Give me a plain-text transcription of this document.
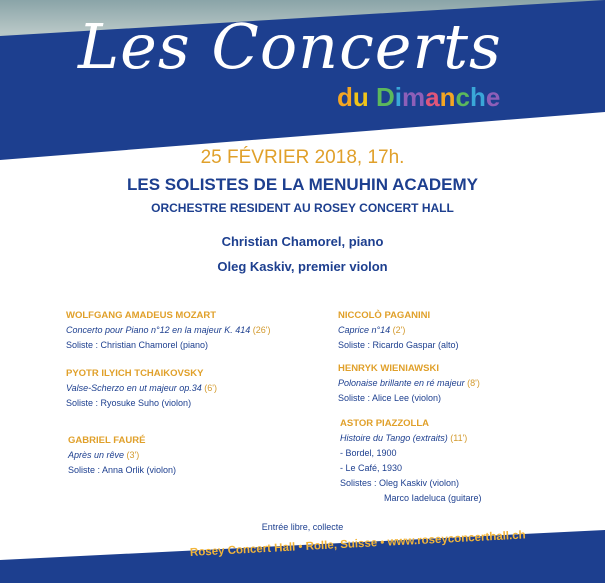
Les Concerts
du Dimanche
25 FÉVRIER 2018, 17h.
LES SOLISTES DE LA MENUHIN ACADEMY
ORCHESTRE RESIDENT AU ROSEY CONCERT HALL
Christian Chamorel, piano
Oleg Kaskiv, premier violon
WOLFGANG AMADEUS MOZART
Concerto pour Piano n°12 en la majeur K. 414 (26')
Soliste : Christian Chamorel (piano)
PYOTR ILYICH TCHAIKOVSKY
Valse-Scherzo en ut majeur op.34 (6')
Soliste : Ryosuke Suho (violon)
GABRIEL FAURÉ
Après un rêve (3')
Soliste : Anna Orlik (violon)
NICCOLÒ PAGANINI
Caprice n°14 (2')
Soliste : Ricardo Gaspar (alto)
HENRYK WIENIAWSKI
Polonaise brillante en ré majeur (8')
Soliste : Alice Lee (violon)
ASTOR PIAZZOLLA
Histoire du Tango (extraits) (11')
- Bordel, 1900
- Le Café, 1930
Solistes : Oleg Kaskiv (violon)
Marco Iadeluca (guitare)
Entrée libre, collecte
Rosey Concert Hall • Rolle, Suisse • www.roseyconcerthall.ch
